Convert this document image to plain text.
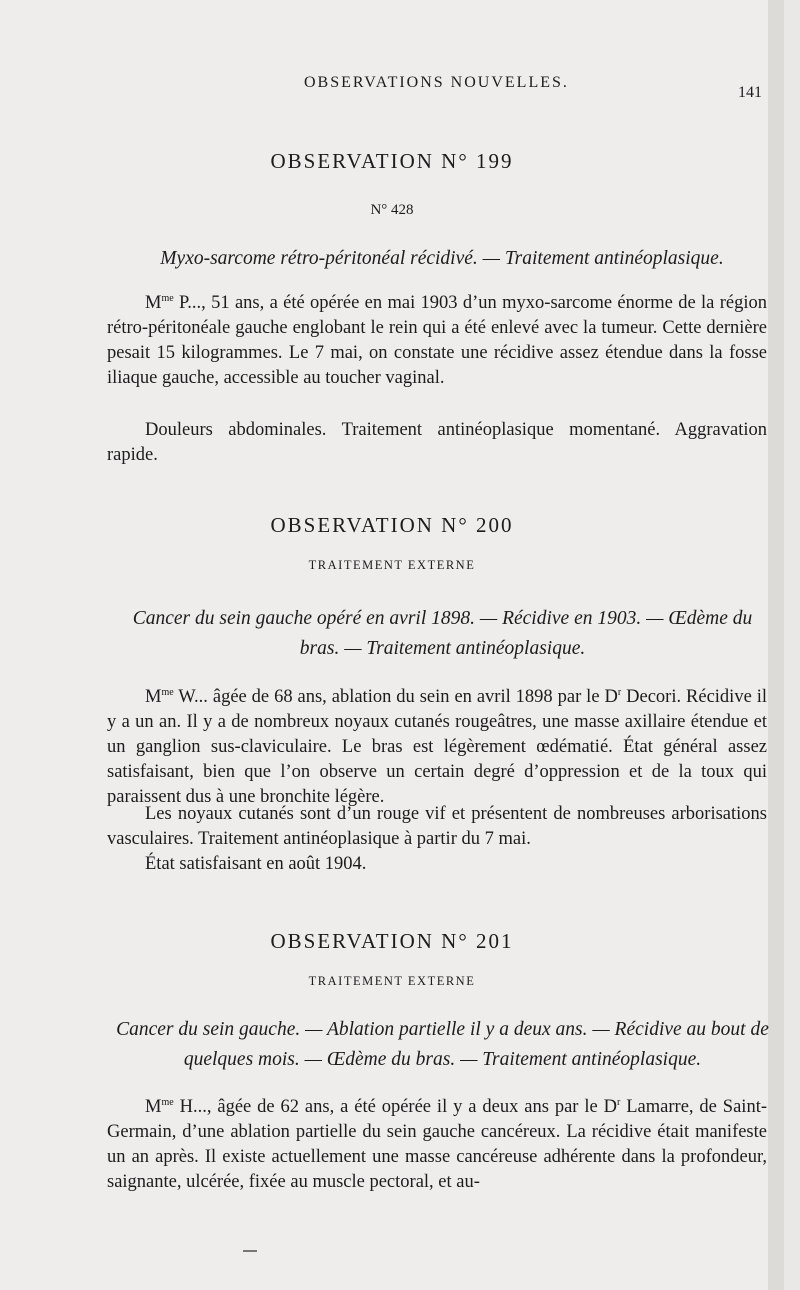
OBSERVATIONS NOUVELLES.
141
OBSERVATION N° 199
N° 428
Myxo-sarcome rétro-péritonéal récidivé. — Traitement antinéoplasique.

$M^{me}$ P..., 51 ans, a été opérée en mai 1903 d’un myxo-sarcome énorme de la région rétro-péritonéale gauche englobant le rein qui a été enlevé avec la tumeur. Cette dernière pesait 15 kilogrammes. Le 7 mai, on constate une récidive assez étendue dans la fosse iliaque gauche, accessible au toucher vaginal.

Douleurs abdominales. Traitement antinéoplasique momentané. Aggravation rapide.

OBSERVATION N° 200
TRAITEMENT EXTERNE
Cancer du sein gauche opéré en avril 1898. — Récidive en 1903. — Œdème du bras. — Traitement antinéoplasique.

$M^{me}$ W... âgée de 68 ans, ablation du sein en avril 1898 par le $D^r$ Decori. Récidive il y a un an. Il y a de nombreux noyaux cutanés rougeâtres, une masse axillaire étendue et un ganglion sus-claviculaire. Le bras est légèrement œdématié. État général assez satisfaisant, bien que l’on observe un certain degré d’oppression et de la toux qui paraissent dus à une bronchite légère.

Les noyaux cutanés sont d’un rouge vif et présentent de nombreuses arborisations vasculaires. Traitement antinéoplasique à partir du 7 mai.

État satisfaisant en août 1904.

OBSERVATION N° 201
TRAITEMENT EXTERNE
Cancer du sein gauche. — Ablation partielle il y a deux ans. — Récidive au bout de quelques mois. — Œdème du bras. — Traitement antinéoplasique.

$M^{me}$ H..., âgée de 62 ans, a été opérée il y a deux ans par le $D^r$ Lamarre, de Saint-Germain, d’une ablation partielle du sein gauche cancéreux. La récidive était manifeste un an après. Il existe actuellement une masse cancéreuse adhérente dans la profondeur, saignante, ulcérée, fixée au muscle pectoral, et au-
